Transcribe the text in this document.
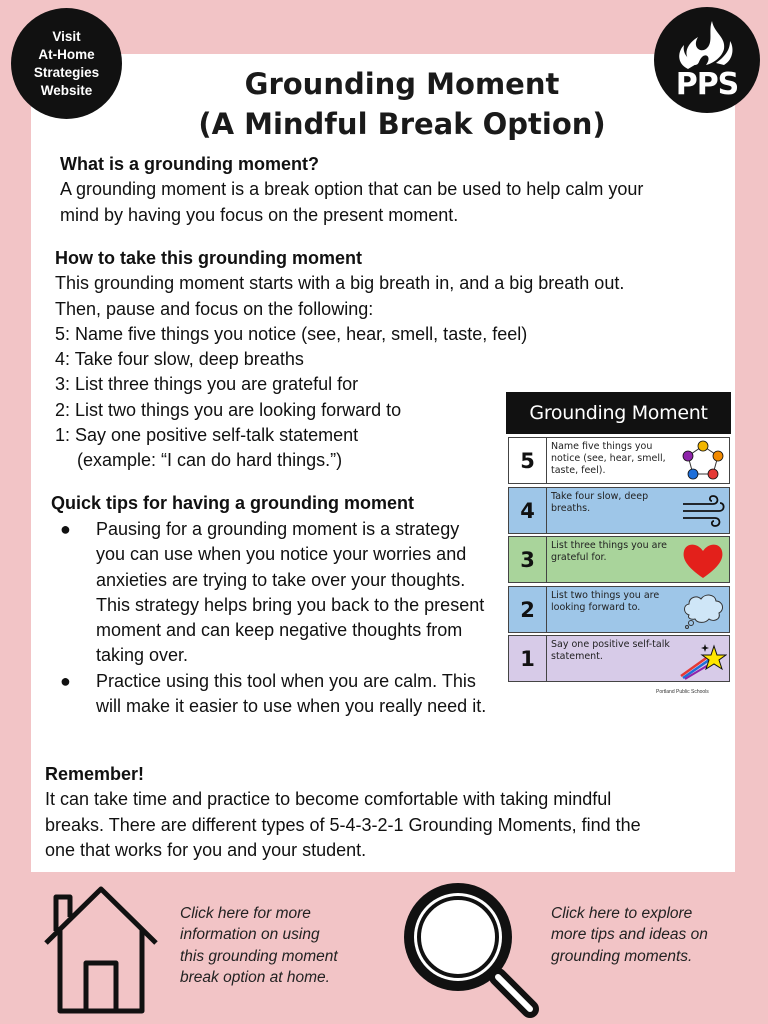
Visit
At-Home
Strategies
Website	PPS
Grounding Moment
(A Mindful Break Option)
What is a grounding moment?
A grounding moment is a break option that can be used to help calm your
mind by having you focus on the present moment.
How to take this grounding moment
This grounding moment starts with a big breath in, and a big breath out.
Then, pause and focus on the following:
5: Name five things you notice (see, hear, smell, taste, feel)
4: Take four slow, deep breaths
3: List three things you are grateful for
2: List two things you are looking forward to
1: Say one positive self-talk statement
(example: “I can do hard things.”)
Quick tips for having a grounding moment
●	Pausing for a grounding moment is a strategy you can use when you notice your worries and anxieties are trying to take over your thoughts. This strategy helps bring you back to the present moment and can keep negative thoughts from taking over.
●	Practice using this tool when you are calm. This will make it easier to use when you really need it.
Remember!
It can take time and practice to become comfortable with taking mindful
breaks. There are different types of 5-4-3-2-1 Grounding Moments, find the
one that works for you and your student.
Grounding Moment
5
Name five things you notice (see, hear, smell, taste, feel).
4
Take four slow, deep breaths.
3
List three things you are grateful for.
2
List two things you are looking forward to.
1
Say one positive self-talk statement.
Portland Public Schools
Click here for more
information on using
this grounding moment
break option at home.
Click here to explore
more tips and ideas on
grounding moments.
